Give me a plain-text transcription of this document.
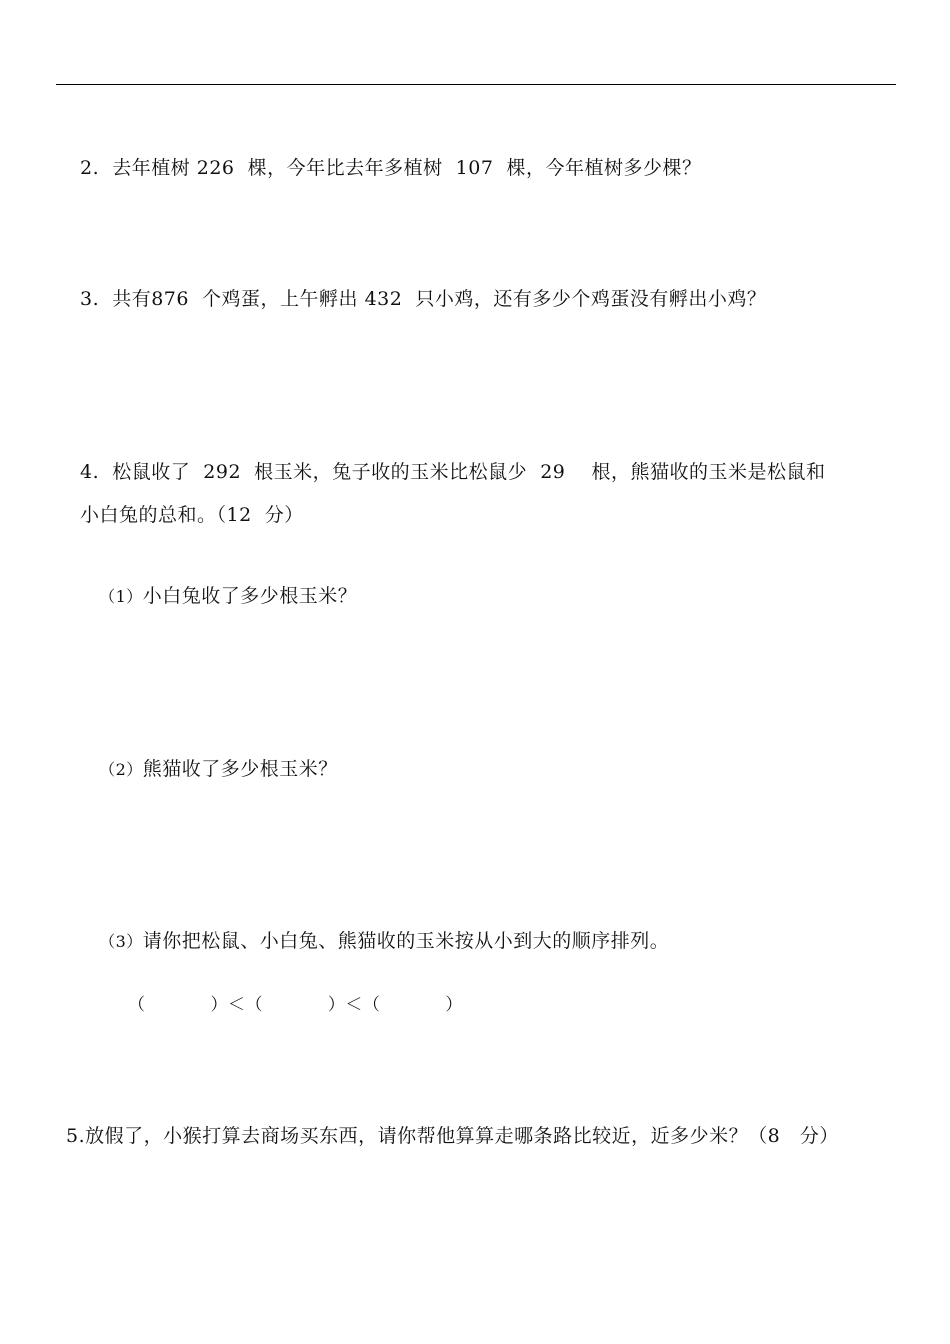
2.  去年植树 226  棵，今年比去年多植树  107  棵，今年植树多少棵？
3.  共有876  个鸡蛋，上午孵出 432  只小鸡，还有多少个鸡蛋没有孵出小鸡？
4.  松鼠收了  292  根玉米，兔子收的玉米比松鼠少  29    根，熊猫收的玉米是松鼠和
小白兔的总和。（12  分）

（1）小白兔收了多少根玉米？

（2）熊猫收了多少根玉米？

（3）请你把松鼠、小白兔、熊猫收的玉米按从小到大的顺序排列。

（           ）＜（           ）＜（           ）
5.放假了，小猴打算去商场买东西，请你帮他算算走哪条路比较近，近多少米？（8   分）
